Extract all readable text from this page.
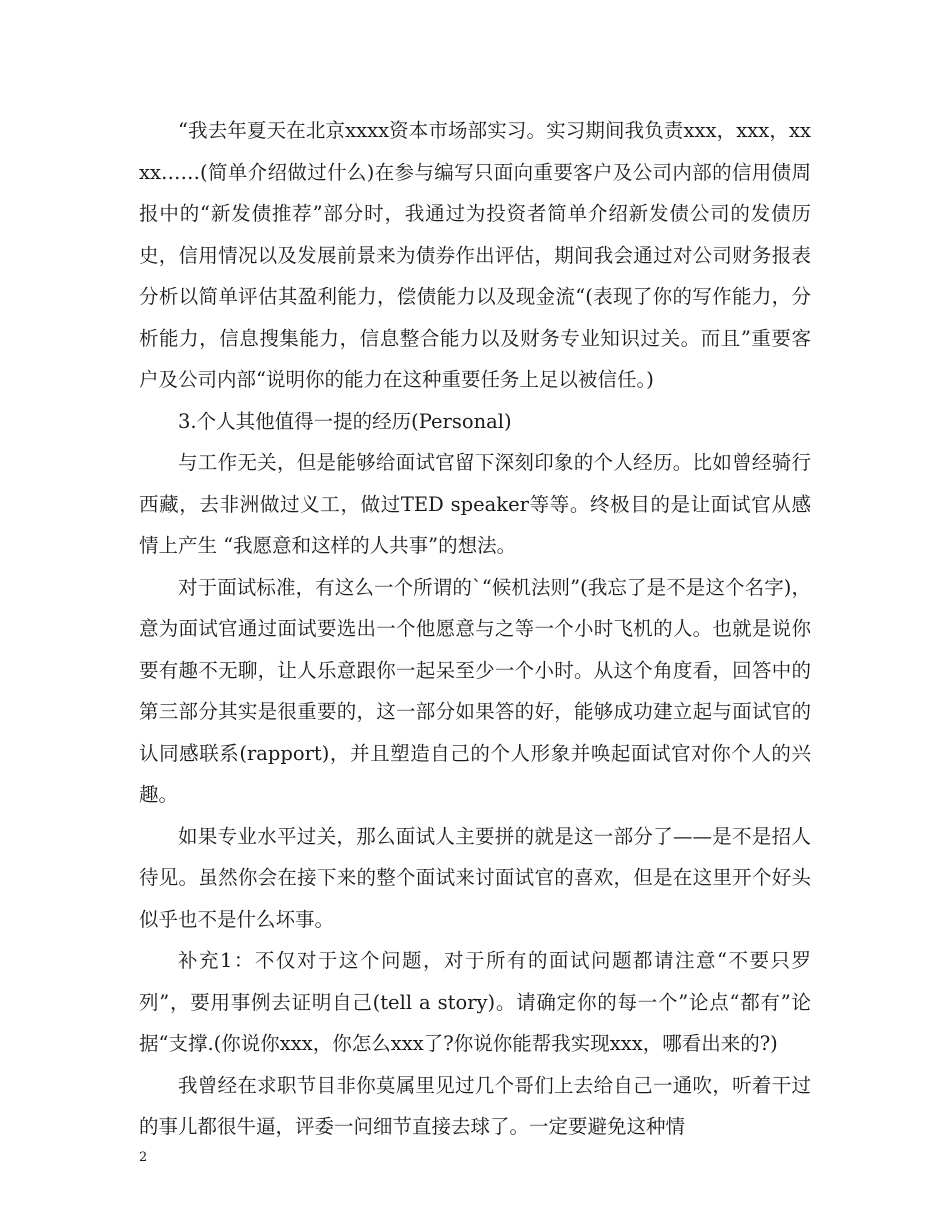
“我去年夏天在北京xxxx资本市场部实习。实习期间我负责xxx，xxx，xxxx……(简单介绍做过什么)在参与编写只面向重要客户及公司内部的信用债周报中的“新发债推荐”部分时，我通过为投资者简单介绍新发债公司的发债历史，信用情况以及发展前景来为债券作出评估，期间我会通过对公司财务报表分析以简单评估其盈利能力，偿债能力以及现金流“(表现了你的写作能力，分析能力，信息搜集能力，信息整合能力以及财务专业知识过关。而且”重要客户及公司内部“说明你的能力在这种重要任务上足以被信任。)

3.个人其他值得一提的经历(Personal)

与工作无关，但是能够给面试官留下深刻印象的个人经历。比如曾经骑行西藏，去非洲做过义工，做过TED speaker等等。终极目的是让面试官从感情上产生 “我愿意和这样的人共事”的想法。

对于面试标准，有这么一个所谓的`“候机法则”(我忘了是不是这个名字)，意为面试官通过面试要选出一个他愿意与之等一个小时飞机的人。也就是说你要有趣不无聊，让人乐意跟你一起呆至少一个小时。从这个角度看，回答中的第三部分其实是很重要的，这一部分如果答的好，能够成功建立起与面试官的认同感联系(rapport)，并且塑造自己的个人形象并唤起面试官对你个人的兴趣。

如果专业水平过关，那么面试人主要拼的就是这一部分了——是不是招人待见。虽然你会在接下来的整个面试来讨面试官的喜欢，但是在这里开个好头似乎也不是什么坏事。

补充1：不仅对于这个问题，对于所有的面试问题都请注意“不要只罗列”，要用事例去证明自己(tell a story)。请确定你的每一个”论点“都有”论据“支撑.(你说你xxx，你怎么xxx了?你说你能帮我实现xxx，哪看出来的?)

我曾经在求职节目非你莫属里见过几个哥们上去给自己一通吹，听着干过的事儿都很牛逼，评委一问细节直接去球了。一定要避免这种情

2
